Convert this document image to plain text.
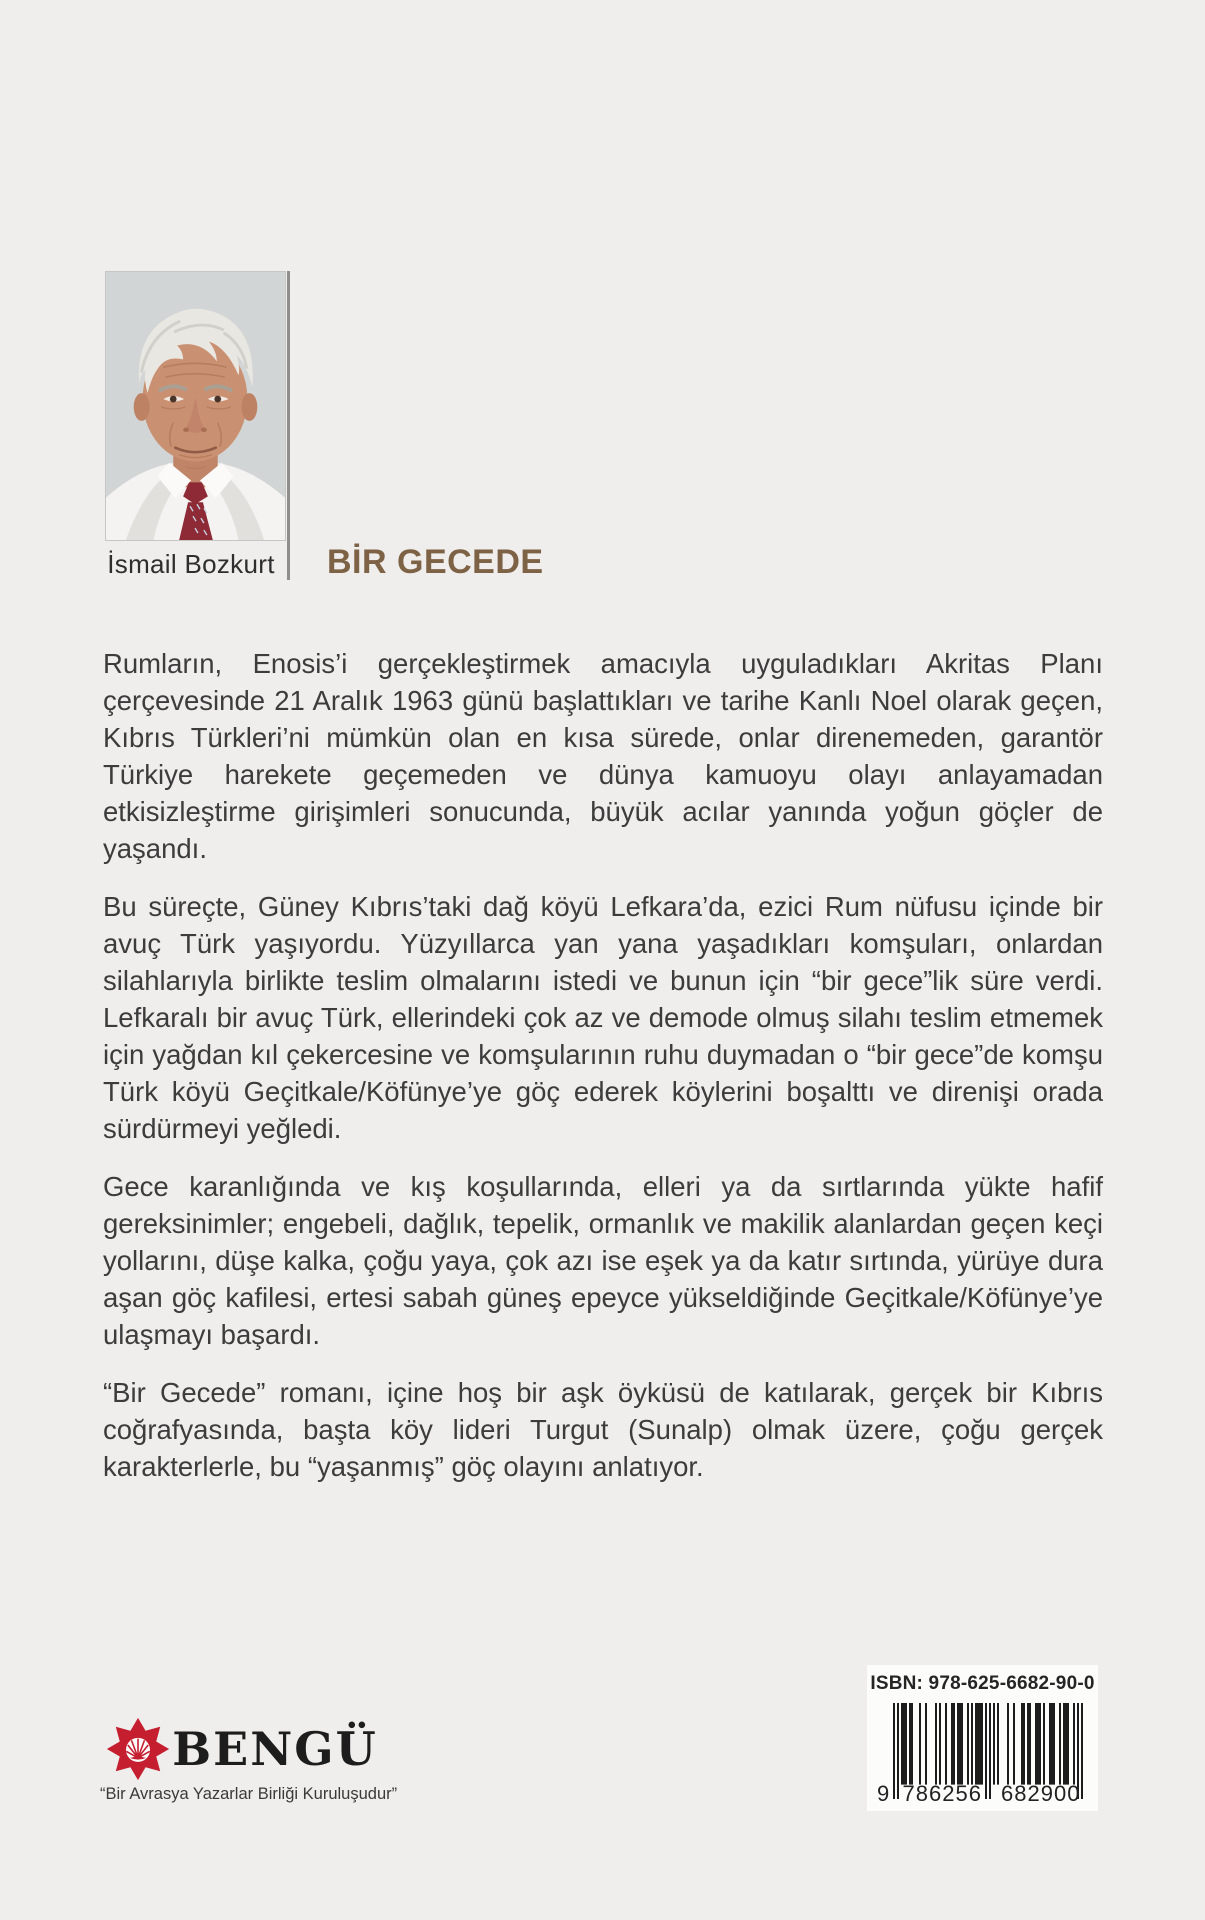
İsmail Bozkurt BİR GECEDE

Rumların, Enosis’i gerçekleştirmek amacıyla uyguladıkları Akritas Planı çerçevesinde 21 Aralık 1963 günü başlattıkları ve tarihe Kanlı Noel olarak geçen, Kıbrıs Türkleri’ni mümkün olan en kısa sürede, onlar direnemeden, garantör Türkiye harekete geçemeden ve dünya kamuoyu olayı anlayamadan etkisizleştirme girişimleri sonucunda, büyük acılar yanında yoğun göçler de yaşandı.

Bu süreçte, Güney Kıbrıs’taki dağ köyü Lefkara’da, ezici Rum nüfusu içinde bir avuç Türk yaşıyordu. Yüzyıllarca yan yana yaşadıkları komşuları, onlardan silahlarıyla birlikte teslim olmalarını istedi ve bunun için “bir gece”lik süre verdi. Lefkaralı bir avuç Türk, ellerindeki çok az ve demode olmuş silahı teslim etmemek için yağdan kıl çekercesine ve komşularının ruhu duymadan o “bir gece”de komşu Türk köyü Geçitkale/Köfünye’ye göç ederek köylerini boşalttı ve direnişi orada sürdürmeyi yeğledi.

Gece karanlığında ve kış koşullarında, elleri ya da sırtlarında yükte hafif gereksinimler; engebeli, dağlık, tepelik, ormanlık ve makilik alanlardan geçen keçi yollarını, düşe kalka, çoğu yaya, çok azı ise eşek ya da katır sırtında, yürüye dura aşan göç kafilesi, ertesi sabah güneş epeyce yükseldiğinde Geçitkale/Köfünye’ye ulaşmayı başardı.

“Bir Gecede” romanı, içine hoş bir aşk öyküsü de katılarak, gerçek bir Kıbrıs coğrafyasında, başta köy lideri Turgut (Sunalp) olmak üzere, çoğu gerçek karakterlerle, bu “yaşanmış” göç olayını anlatıyor.

BENGÜ
“Bir Avrasya Yazarlar Birliği Kuruluşudur”
ISBN: 978-625-6682-90-0
9 786256 682900
